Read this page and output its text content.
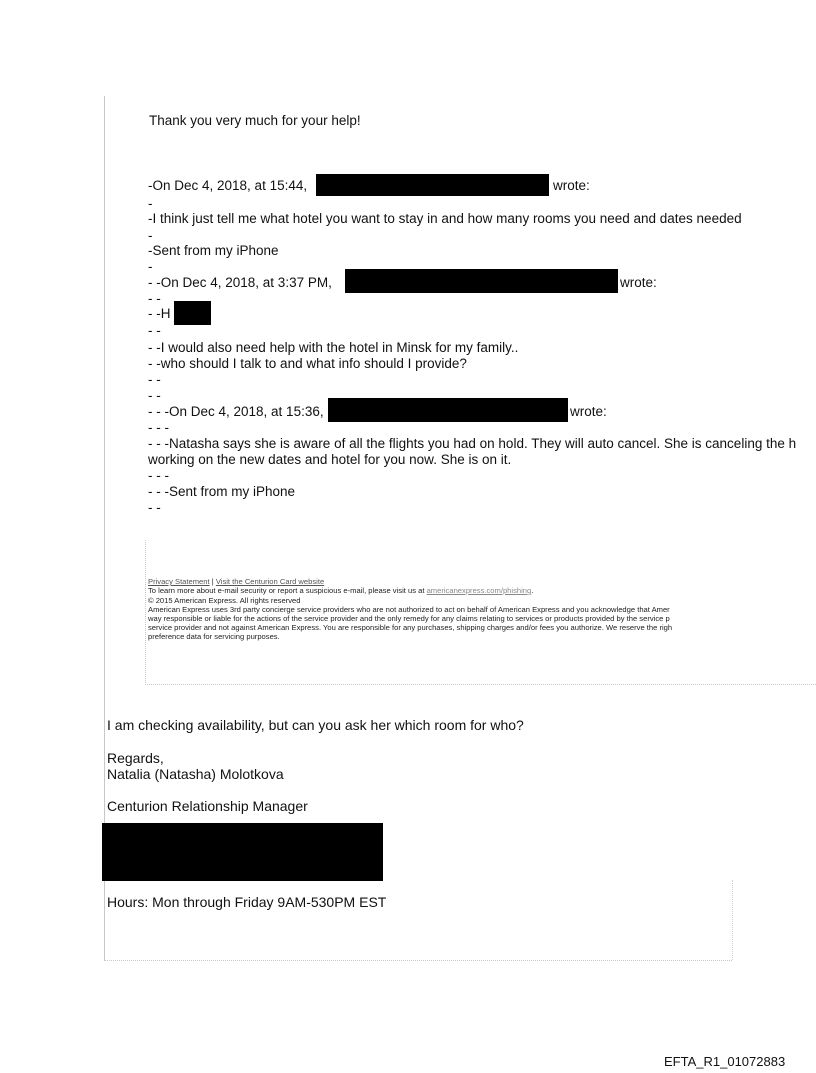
Thank you very much for your help!
-On Dec 4, 2018, at 15:44,	wrote:
-
-I think just tell me what hotel you want to stay in and how many rooms you need and dates needed
-
-Sent from my iPhone
-
- -On Dec 4, 2018, at 3:37 PM,	wrote:
- -
- -H
- -
- -I would also need help with the hotel in Minsk for my family..
- -who should I talk to and what info should I provide?
- -
- -
- - -On Dec 4, 2018, at 15:36,	wrote:
- - -
- - -Natasha says she is aware of all the flights you had on hold. They will auto cancel. She is canceling the h
working on the new dates and hotel for you now. She is on it.
- - -
- - -Sent from my iPhone
- -
Privacy Statement | Visit the Centurion Card website
To learn more about e-mail security or report a suspicious e-mail, please visit us at americanexpress.com/phishing.
© 2015 American Express. All rights reserved
American Express uses 3rd party concierge service providers who are not authorized to act on behalf of American Express and you acknowledge that Amer
way responsible or liable for the actions of the service provider and the only remedy for any claims relating to services or products provided by the service p
service provider and not against American Express. You are responsible for any purchases, shipping charges and/or fees you authorize. We reserve the righ
preference data for servicing purposes.
I am checking availability, but can you ask her which room for who?
Regards,
Natalia (Natasha) Molotkova
Centurion Relationship Manager
Hours: Mon through Friday 9AM-530PM EST
EFTA_R1_01072883
